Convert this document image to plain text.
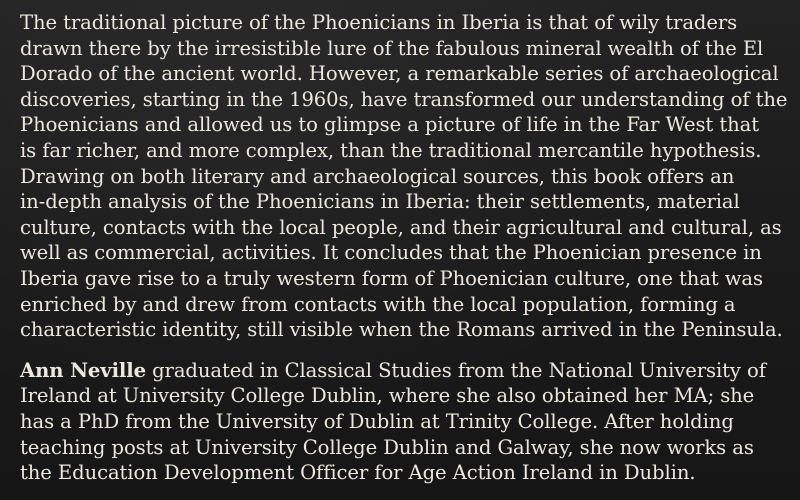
The traditional picture of the Phoenicians in Iberia is that of wily traders
drawn there by the irresistible lure of the fabulous mineral wealth of the El
Dorado of the ancient world. However, a remarkable series of archaeological
discoveries, starting in the 1960s, have transformed our understanding of the
Phoenicians and allowed us to glimpse a picture of life in the Far West that
is far richer, and more complex, than the traditional mercantile hypothesis.
Drawing on both literary and archaeological sources, this book offers an
in-depth analysis of the Phoenicians in Iberia: their settlements, material
culture, contacts with the local people, and their agricultural and cultural, as
well as commercial, activities. It concludes that the Phoenician presence in
Iberia gave rise to a truly western form of Phoenician culture, one that was
enriched by and drew from contacts with the local population, forming a
characteristic identity, still visible when the Romans arrived in the Peninsula.
Ann Neville graduated in Classical Studies from the National University of
Ireland at University College Dublin, where she also obtained her MA; she
has a PhD from the University of Dublin at Trinity College. After holding
teaching posts at University College Dublin and Galway, she now works as
the Education Development Officer for Age Action Ireland in Dublin.
